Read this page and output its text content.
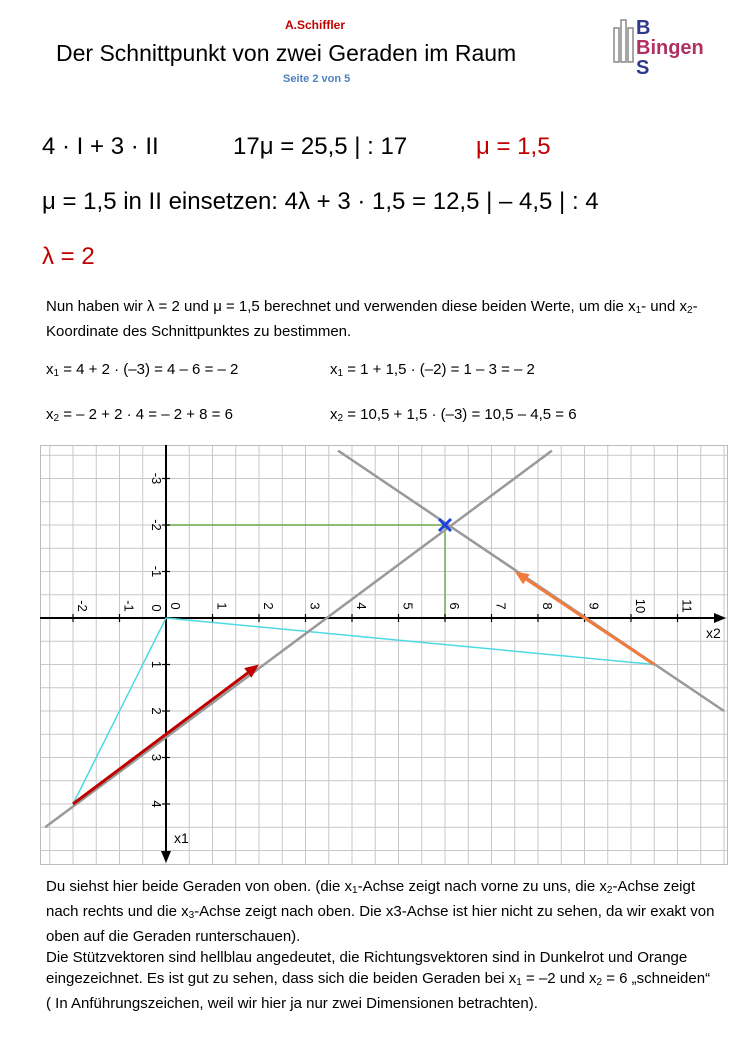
A.Schiffler
Der Schnittpunkt von zwei Geraden im Raum
Seite 2 von 5
B
Bingen
S
4 · I + 3 · II	17μ = 25,5 | : 17	μ = 1,5
μ = 1,5 in II einsetzen: 4λ + 3 · 1,5 = 12,5 | – 4,5 | : 4
λ = 2
Nun haben wir λ = 2 und μ = 1,5 berechnet und verwenden diese beiden Werte, um die $x_1-$ und $x_2$-Koordinate des Schnittpunktes zu bestimmen.
$x_1 = 4 + 2 \cdot (-3) = 4 - 6$ = – 2	$x_1 = 1 + 1,5 \cdot (-2) = 1 - 3$ = – 2
$x_2$ = – 2 + 2 · 4 = – 2 + 8 = 6	$x_2 = 10,5 + 1,5 \cdot (-3) = 10,5 - 4,5 = 6$
-2 -1 0 1 2 3 4 5 6 7 8 9 10 11
-3
-2
-1
1
2
3
4
0
x2
x1
Du siehst hier beide Geraden von oben. (die $x_1$-Achse zeigt nach vorne zu uns, die $x_2$-Achse zeigt nach rechts und die $x_3$-Achse zeigt nach oben. Die x3-Achse ist hier nicht zu sehen, da wir exakt von oben auf die Geraden runterschauen).
Die Stützvektoren sind hellblau angedeutet, die Richtungsvektoren sind in Dunkelrot und Orange eingezeichnet. Es ist gut zu sehen, dass sich die beiden Geraden bei $x_1 = -2$ und $x_2 = 6$ „schneiden“ ( In Anführungszeichen, weil wir hier ja nur zwei Dimensionen betrachten).
